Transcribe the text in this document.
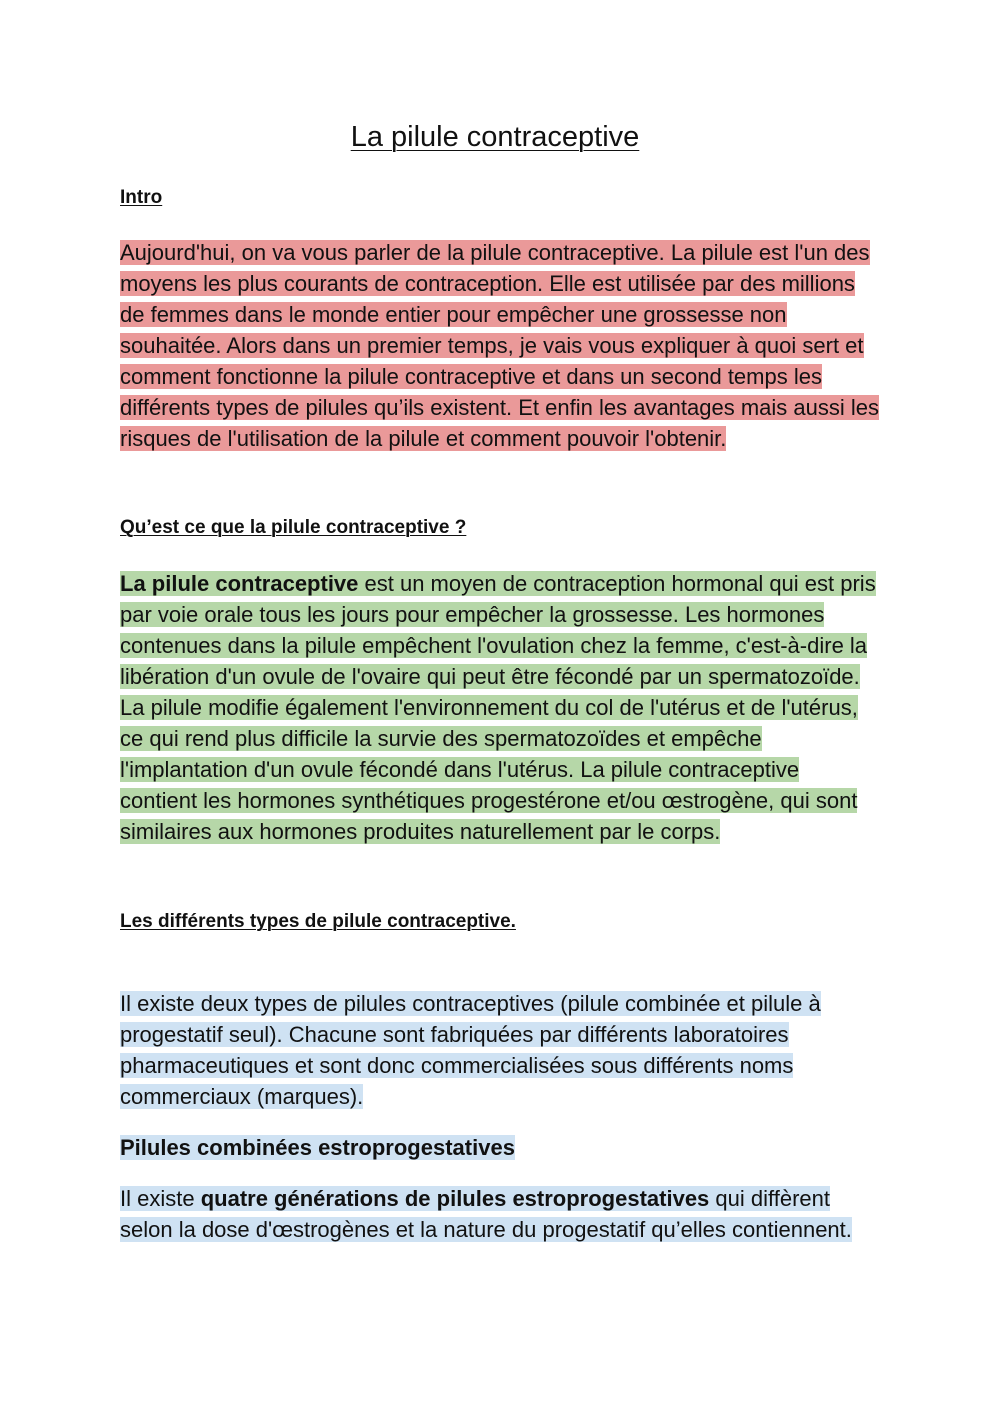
La pilule contraceptive
Intro

Aujourd'hui, on va vous parler de la pilule contraceptive. La pilule est l'un des moyens les plus courants de contraception. Elle est utilisée par des millions de femmes dans le monde entier pour empêcher une grossesse non souhaitée. Alors dans un premier temps, je vais vous expliquer à quoi sert et comment fonctionne la pilule contraceptive et dans un second temps les différents types de pilules qu’ils existent. Et enfin les avantages mais aussi les risques de l'utilisation de la pilule et comment pouvoir l'obtenir.

Qu’est ce que la pilule contraceptive ?

La pilule contraceptive est un moyen de contraception hormonal qui est pris par voie orale tous les jours pour empêcher la grossesse. Les hormones contenues dans la pilule empêchent l'ovulation chez la femme, c'est-à-dire la libération d'un ovule de l'ovaire qui peut être fécondé par un spermatozoïde. La pilule modifie également l'environnement du col de l'utérus et de l'utérus, ce qui rend plus difficile la survie des spermatozoïdes et empêche l'implantation d'un ovule fécondé dans l'utérus. La pilule contraceptive contient les hormones synthétiques progestérone et/ou œstrogène, qui sont similaires aux hormones produites naturellement par le corps.

Les différents types de pilule contraceptive.

Il existe deux types de pilules contraceptives (pilule combinée et pilule à progestatif seul). Chacune sont fabriquées par différents laboratoires pharmaceutiques et sont donc commercialisées sous différents noms commerciaux (marques).

Pilules combinées estroprogestatives

Il existe quatre générations de pilules estroprogestatives qui diffèrent selon la dose d'œstrogènes et la nature du progestatif qu’elles contiennent.
